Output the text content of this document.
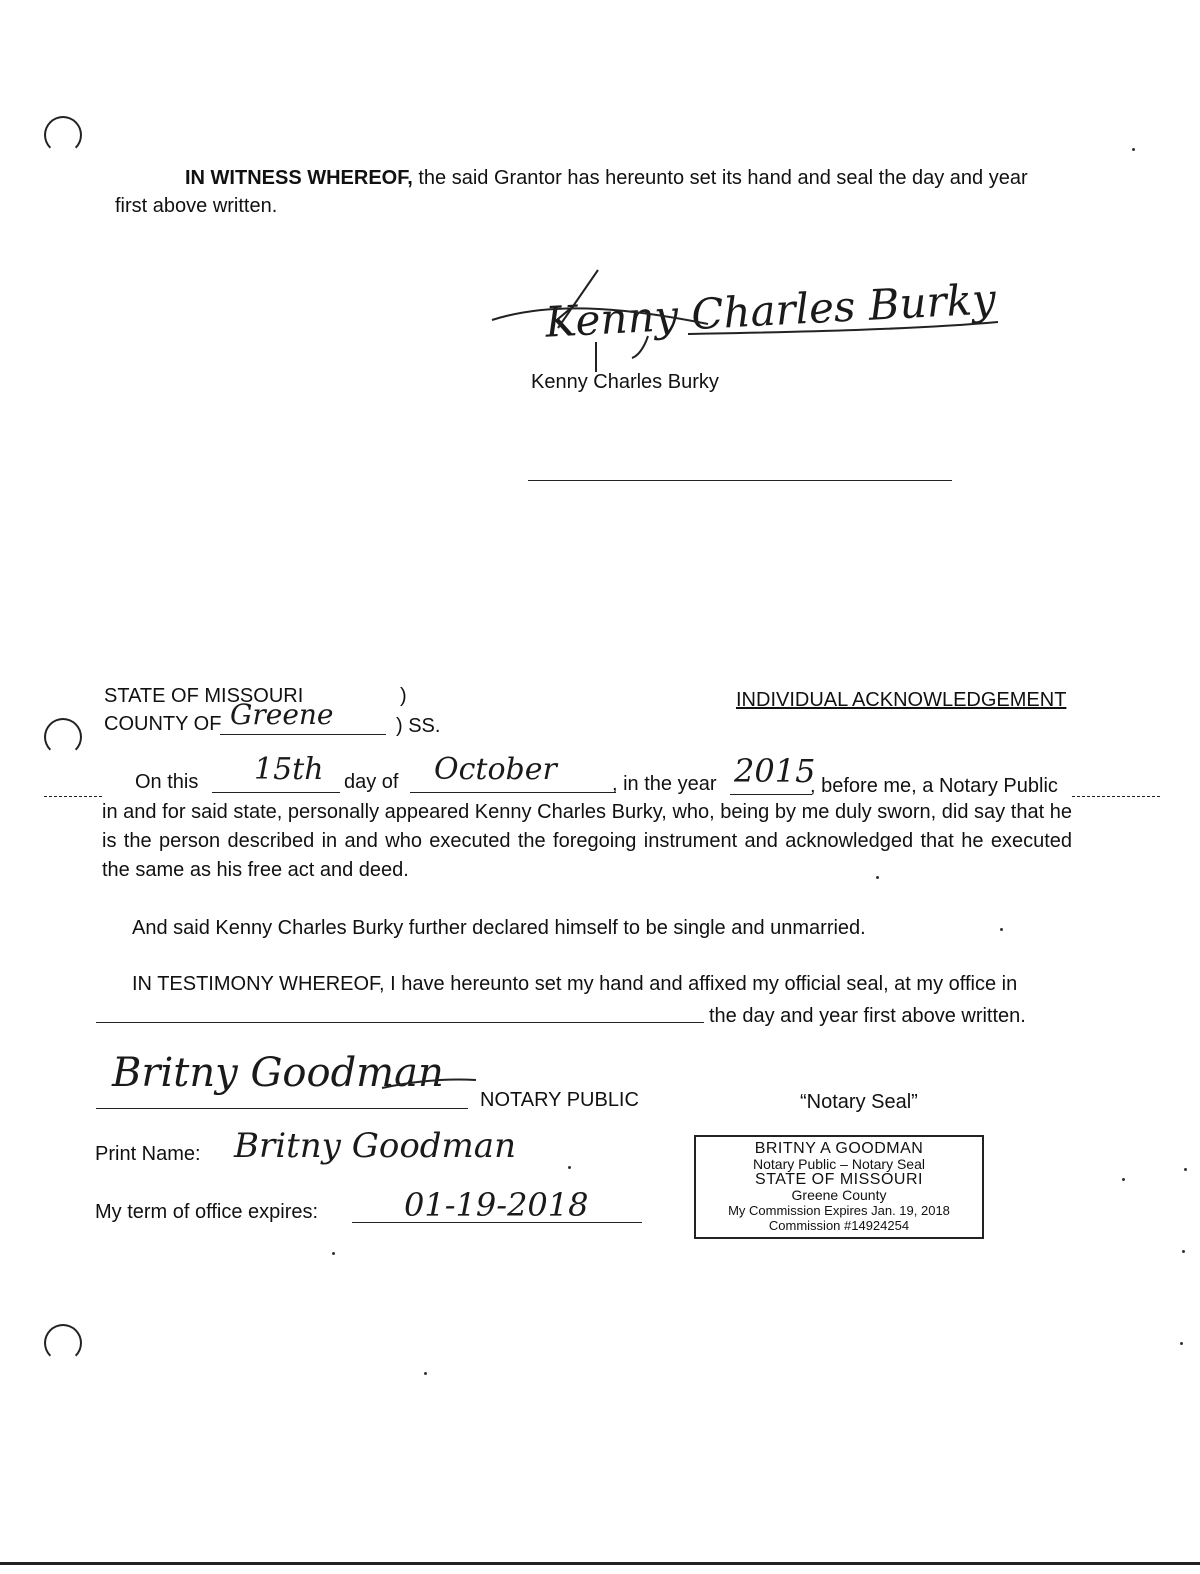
IN WITNESS WHEREOF, the said Grantor has hereunto set its hand and seal the day and year
first above written.
Kenny Charles Burky
Kenny Charles Burky
STATE OF MISSOURI	)
COUNTY OF Greene	) SS.
INDIVIDUAL ACKNOWLEDGEMENT
On this 15th day of October	, in the year 2015
, before me, a Notary Public
in and for said state, personally appeared Kenny Charles Burky, who, being by me duly sworn, did say that he is the person described in and who executed the foregoing instrument and acknowledged that he executed the same as his free act and deed.
And said Kenny Charles Burky further declared himself to be single and unmarried.
IN TESTIMONY WHEREOF, I have hereunto set my hand and affixed my official seal, at my office in
the day and year first above written.
Britny Goodman
NOTARY PUBLIC	“Notary Seal”
Print Name: Britny Goodman
My term of office expires:	01-19-2018
BRITNY A GOODMAN
Notary Public – Notary Seal
STATE OF MISSOURI
Greene County
My Commission Expires Jan. 19, 2018
Commission #14924254
